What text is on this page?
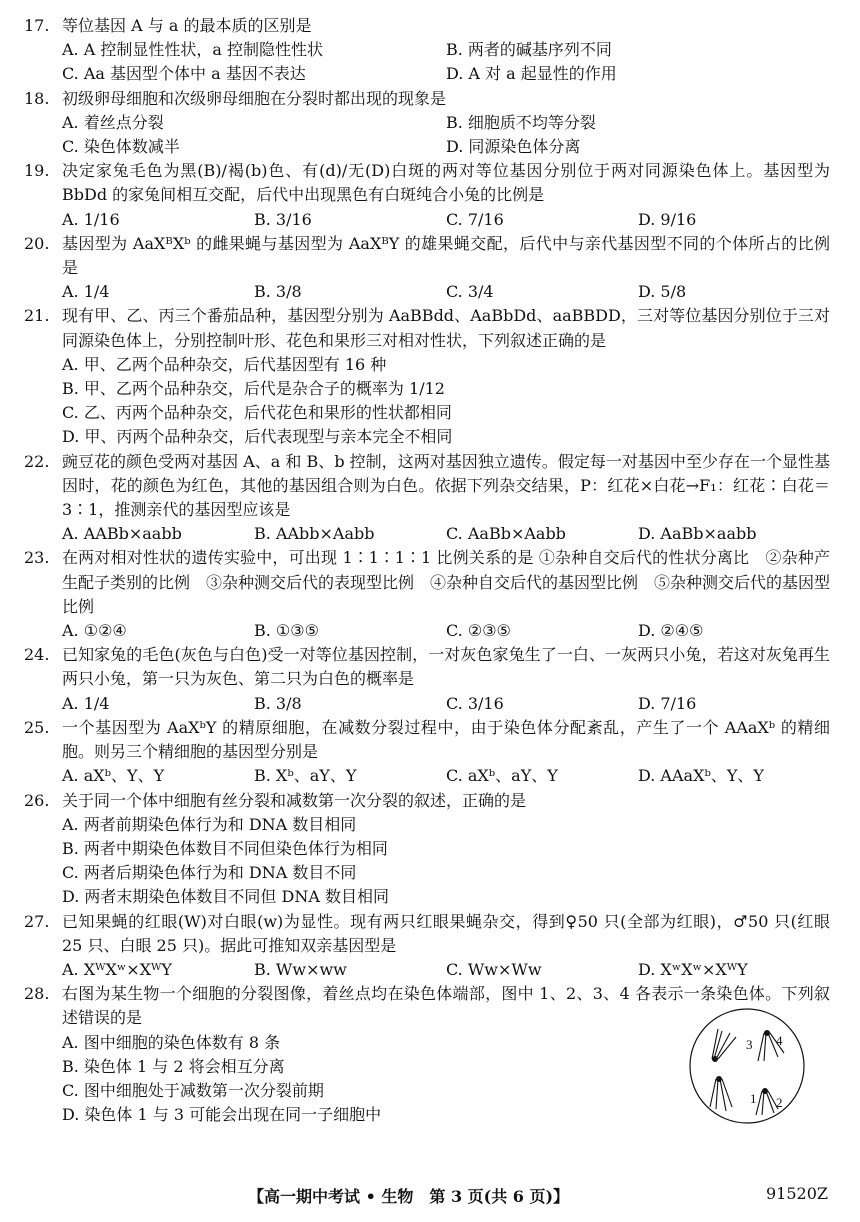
17. 等位基因 A 与 a 的最本质的区别是
A. A 控制显性性状，a 控制隐性性状	B. 两者的碱基序列不同
C. Aa 基因型个体中 a 基因不表达	D. A 对 a 起显性的作用
18. 初级卵母细胞和次级卵母细胞在分裂时都出现的现象是
A. 着丝点分裂	B. 细胞质不均等分裂
C. 染色体数减半	D. 同源染色体分离
19. 决定家兔毛色为黑(B)/褐(b)色、有(d)/无(D)白斑的两对等位基因分别位于两对同源染色体上。基因型为 BbDd 的家兔间相互交配，后代中出现黑色有白斑纯合小兔的比例是
A. 1/16	B. 3/16	C. 7/16	D. 9/16
20. 基因型为 AaXᴮXᵇ 的雌果蝇与基因型为 AaXᴮY 的雄果蝇交配，后代中与亲代基因型不同的个体所占的比例是
A. 1/4	B. 3/8	C. 3/4	D. 5/8
21. 现有甲、乙、丙三个番茄品种，基因型分别为 AaBBdd、AaBbDd、aaBBDD，三对等位基因分别位于三对同源染色体上，分别控制叶形、花色和果形三对相对性状，下列叙述正确的是
A. 甲、乙两个品种杂交，后代基因型有 16 种
B. 甲、乙两个品种杂交，后代是杂合子的概率为 1/12
C. 乙、丙两个品种杂交，后代花色和果形的性状都相同
D. 甲、丙两个品种杂交，后代表现型与亲本完全不相同
22. 豌豆花的颜色受两对基因 A、a 和 B、b 控制，这两对基因独立遗传。假定每一对基因中至少存在一个显性基因时，花的颜色为红色，其他的基因组合则为白色。依据下列杂交结果，P：红花×白花→F₁：红花∶白花＝3∶1，推测亲代的基因型应该是
A. AABb×aabb	B. AAbb×Aabb	C. AaBb×Aabb	D. AaBb×aabb
23. 在两对相对性状的遗传实验中，可出现 1∶1∶1∶1 比例关系的是 ①杂种自交后代的性状分离比　②杂种产生配子类别的比例　③杂种测交后代的表现型比例　④杂种自交后代的基因型比例　⑤杂种测交后代的基因型比例
A. ①②④	B. ①③⑤	C. ②③⑤	D. ②④⑤
24. 已知家兔的毛色(灰色与白色)受一对等位基因控制，一对灰色家兔生了一白、一灰两只小兔，若这对灰兔再生两只小兔，第一只为灰色、第二只为白色的概率是
A. 1/4	B. 3/8	C. 3/16	D. 7/16
25. 一个基因型为 AaXᵇY 的精原细胞，在减数分裂过程中，由于染色体分配紊乱，产生了一个 AAaXᵇ 的精细胞。则另三个精细胞的基因型分别是
A. aXᵇ、Y、Y	B. Xᵇ、aY、Y	C. aXᵇ、aY、Y	D. AAaXᵇ、Y、Y
26. 关于同一个体中细胞有丝分裂和减数第一次分裂的叙述，正确的是
A. 两者前期染色体行为和 DNA 数目相同
B. 两者中期染色体数目不同但染色体行为相同
C. 两者后期染色体行为和 DNA 数目不同
D. 两者末期染色体数目不同但 DNA 数目相同
27. 已知果蝇的红眼(W)对白眼(w)为显性。现有两只红眼果蝇杂交，得到♀50 只(全部为红眼)，♂50 只(红眼 25 只、白眼 25 只)。据此可推知双亲基因型是
A. XᵂXʷ×XᵂY	B. Ww×ww	C. Ww×Ww	D. XʷXʷ×XᵂY
28. 右图为某生物一个细胞的分裂图像，着丝点均在染色体端部，图中 1、2、3、4 各表示一条染色体。下列叙述错误的是
A. 图中细胞的染色体数有 8 条
B. 染色体 1 与 2 将会相互分离
C. 图中细胞处于减数第一次分裂前期
D. 染色体 1 与 3 可能会出现在同一子细胞中
3 4
1 2
【高一期中考试 • 生物　第 3 页(共 6 页)】	91520Z
